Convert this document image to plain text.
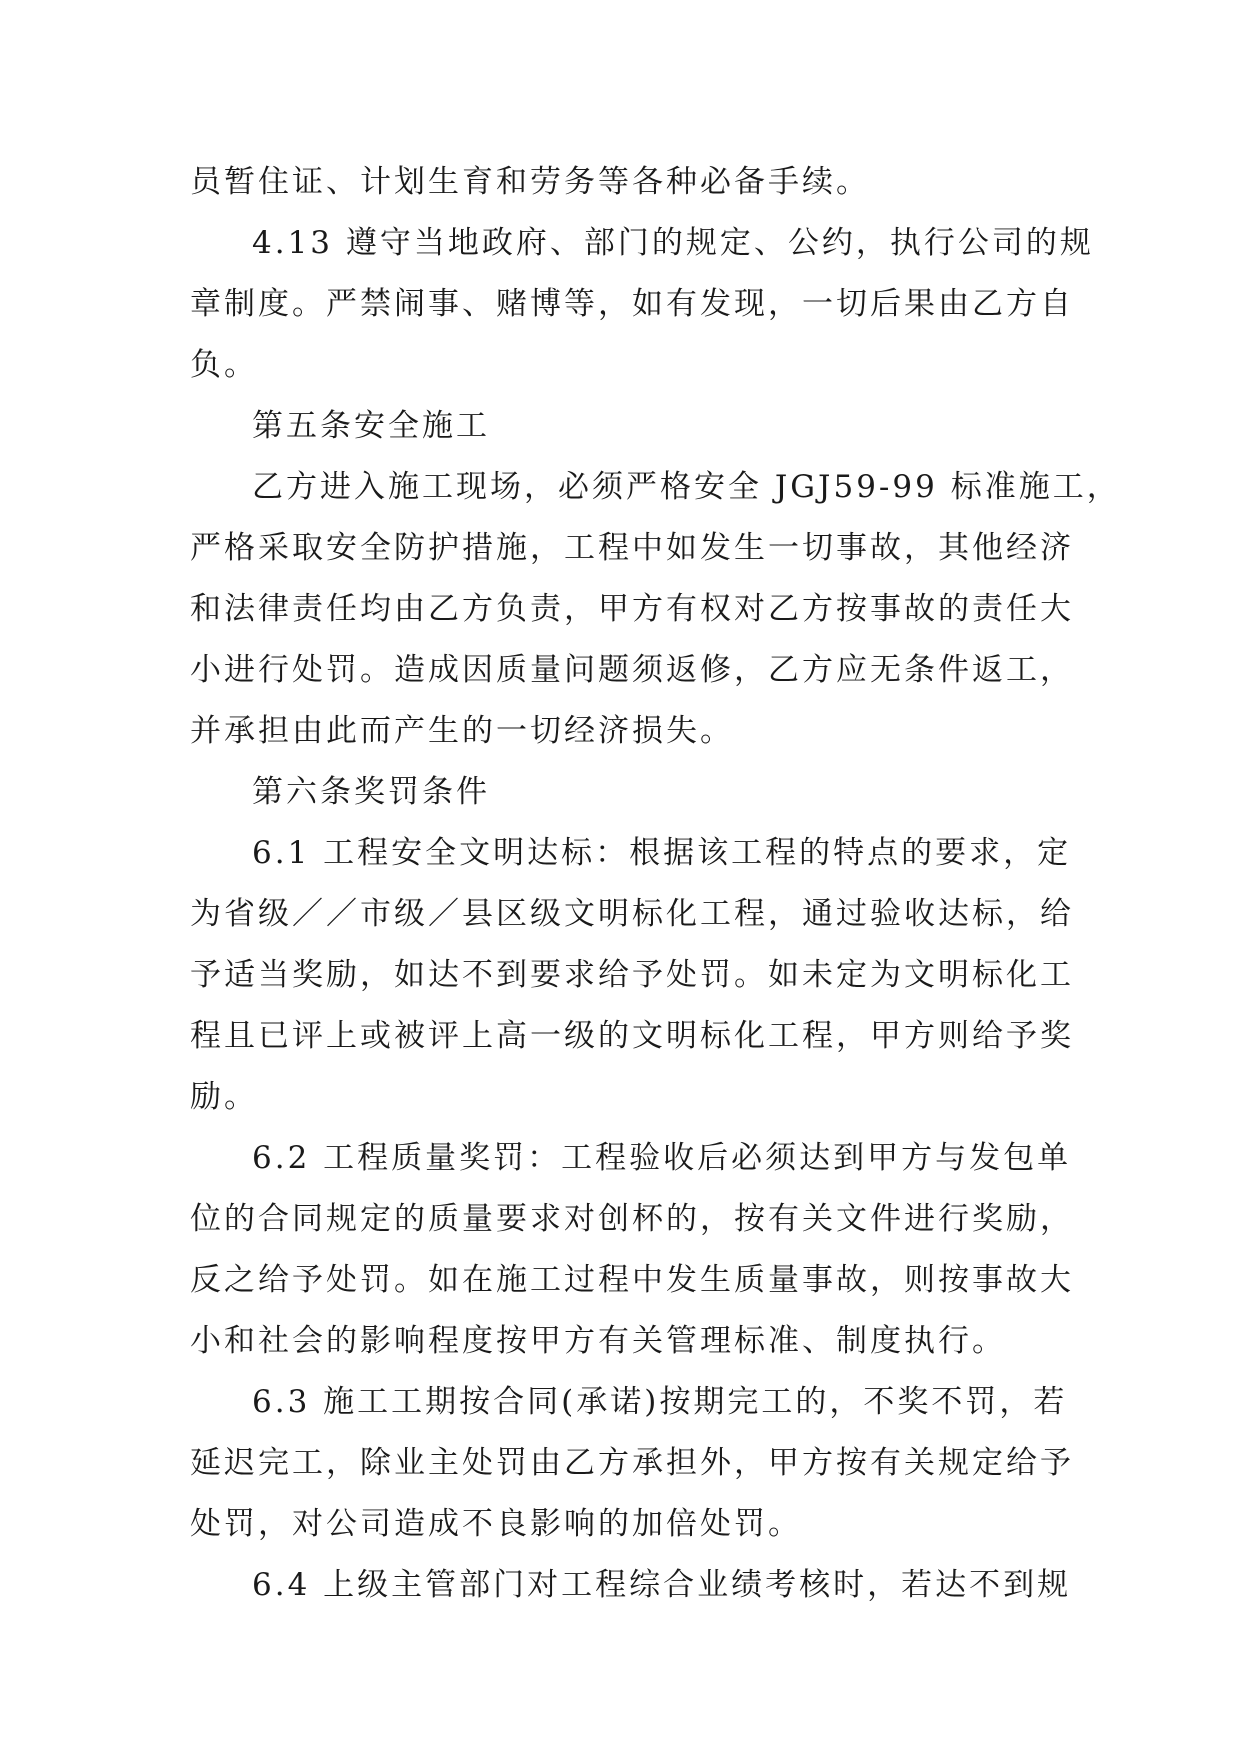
员暂住证、计划生育和劳务等各种必备手续。
4.13 遵守当地政府、部门的规定、公约，执行公司的规
章制度。严禁闹事、赌博等，如有发现，一切后果由乙方自
负。
第五条安全施工
乙方进入施工现场，必须严格安全 JGJ59-99 标准施工，
严格采取安全防护措施，工程中如发生一切事故，其他经济
和法律责任均由乙方负责，甲方有权对乙方按事故的责任大
小进行处罚。造成因质量问题须返修，乙方应无条件返工，
并承担由此而产生的一切经济损失。
第六条奖罚条件
6.1 工程安全文明达标：根据该工程的特点的要求，定
为省级／／市级／县区级文明标化工程，通过验收达标，给
予适当奖励，如达不到要求给予处罚。如未定为文明标化工
程且已评上或被评上高一级的文明标化工程，甲方则给予奖
励。
6.2 工程质量奖罚：工程验收后必须达到甲方与发包单
位的合同规定的质量要求对创杯的，按有关文件进行奖励，
反之给予处罚。如在施工过程中发生质量事故，则按事故大
小和社会的影响程度按甲方有关管理标准、制度执行。
6.3 施工工期按合同(承诺)按期完工的，不奖不罚，若
延迟完工，除业主处罚由乙方承担外，甲方按有关规定给予
处罚，对公司造成不良影响的加倍处罚。
6.4 上级主管部门对工程综合业绩考核时，若达不到规
